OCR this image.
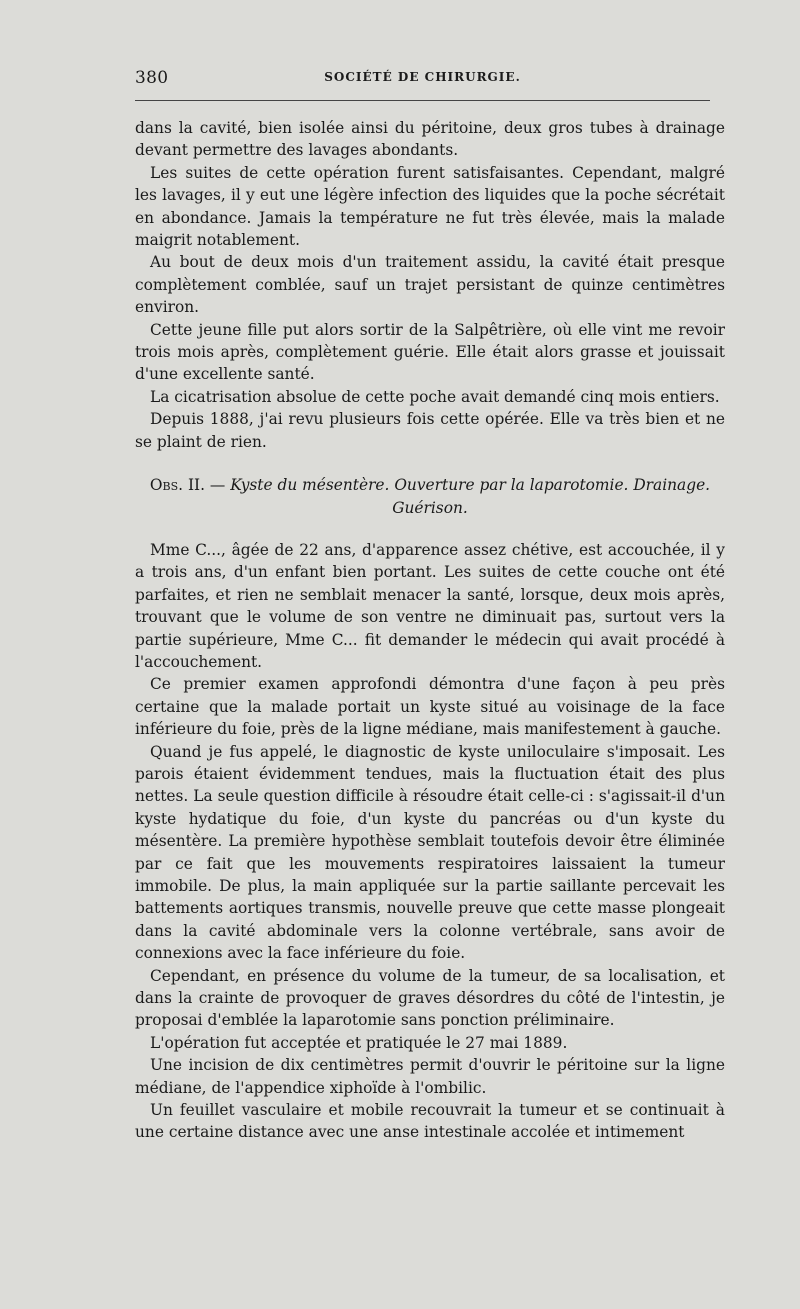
380	SOCIÉTÉ DE CHIRURGIE.

dans la cavité, bien isolée ainsi du péritoine, deux gros tubes à drainage devant permettre des lavages abondants.

Les suites de cette opération furent satisfaisantes. Cependant, malgré les lavages, il y eut une légère infection des liquides que la poche sécrétait en abondance. Jamais la température ne fut très élevée, mais la malade maigrit notablement.

Au bout de deux mois d'un traitement assidu, la cavité était presque complètement comblée, sauf un trajet persistant de quinze centimètres environ.

Cette jeune fille put alors sortir de la Salpêtrière, où elle vint me revoir trois mois après, complètement guérie. Elle était alors grasse et jouissait d'une excellente santé.

La cicatrisation absolue de cette poche avait demandé cinq mois entiers.

Depuis 1888, j'ai revu plusieurs fois cette opérée. Elle va très bien et ne se plaint de rien.

Obs. II. — Kyste du mésentère. Ouverture par la laparotomie. Drainage. Guérison.

Mme C..., âgée de 22 ans, d'apparence assez chétive, est accouchée, il y a trois ans, d'un enfant bien portant. Les suites de cette couche ont été parfaites, et rien ne semblait menacer la santé, lorsque, deux mois après, trouvant que le volume de son ventre ne diminuait pas, surtout vers la partie supérieure, Mme C... fit demander le médecin qui avait procédé à l'accouchement.

Ce premier examen approfondi démontra d'une façon à peu près certaine que la malade portait un kyste situé au voisinage de la face inférieure du foie, près de la ligne médiane, mais manifestement à gauche.

Quand je fus appelé, le diagnostic de kyste uniloculaire s'imposait. Les parois étaient évidemment tendues, mais la fluctuation était des plus nettes. La seule question difficile à résoudre était celle-ci : s'agissait-il d'un kyste hydatique du foie, d'un kyste du pancréas ou d'un kyste du mésentère. La première hypothèse semblait toutefois devoir être éliminée par ce fait que les mouvements respiratoires laissaient la tumeur immobile. De plus, la main appliquée sur la partie saillante percevait les battements aortiques transmis, nouvelle preuve que cette masse plongeait dans la cavité abdominale vers la colonne vertébrale, sans avoir de connexions avec la face inférieure du foie.

Cependant, en présence du volume de la tumeur, de sa localisation, et dans la crainte de provoquer de graves désordres du côté de l'intestin, je proposai d'emblée la laparotomie sans ponction préliminaire.

L'opération fut acceptée et pratiquée le 27 mai 1889.

Une incision de dix centimètres permit d'ouvrir le péritoine sur la ligne médiane, de l'appendice xiphoïde à l'ombilic.

Un feuillet vasculaire et mobile recouvrait la tumeur et se continuait à une certaine distance avec une anse intestinale accolée et intimement
